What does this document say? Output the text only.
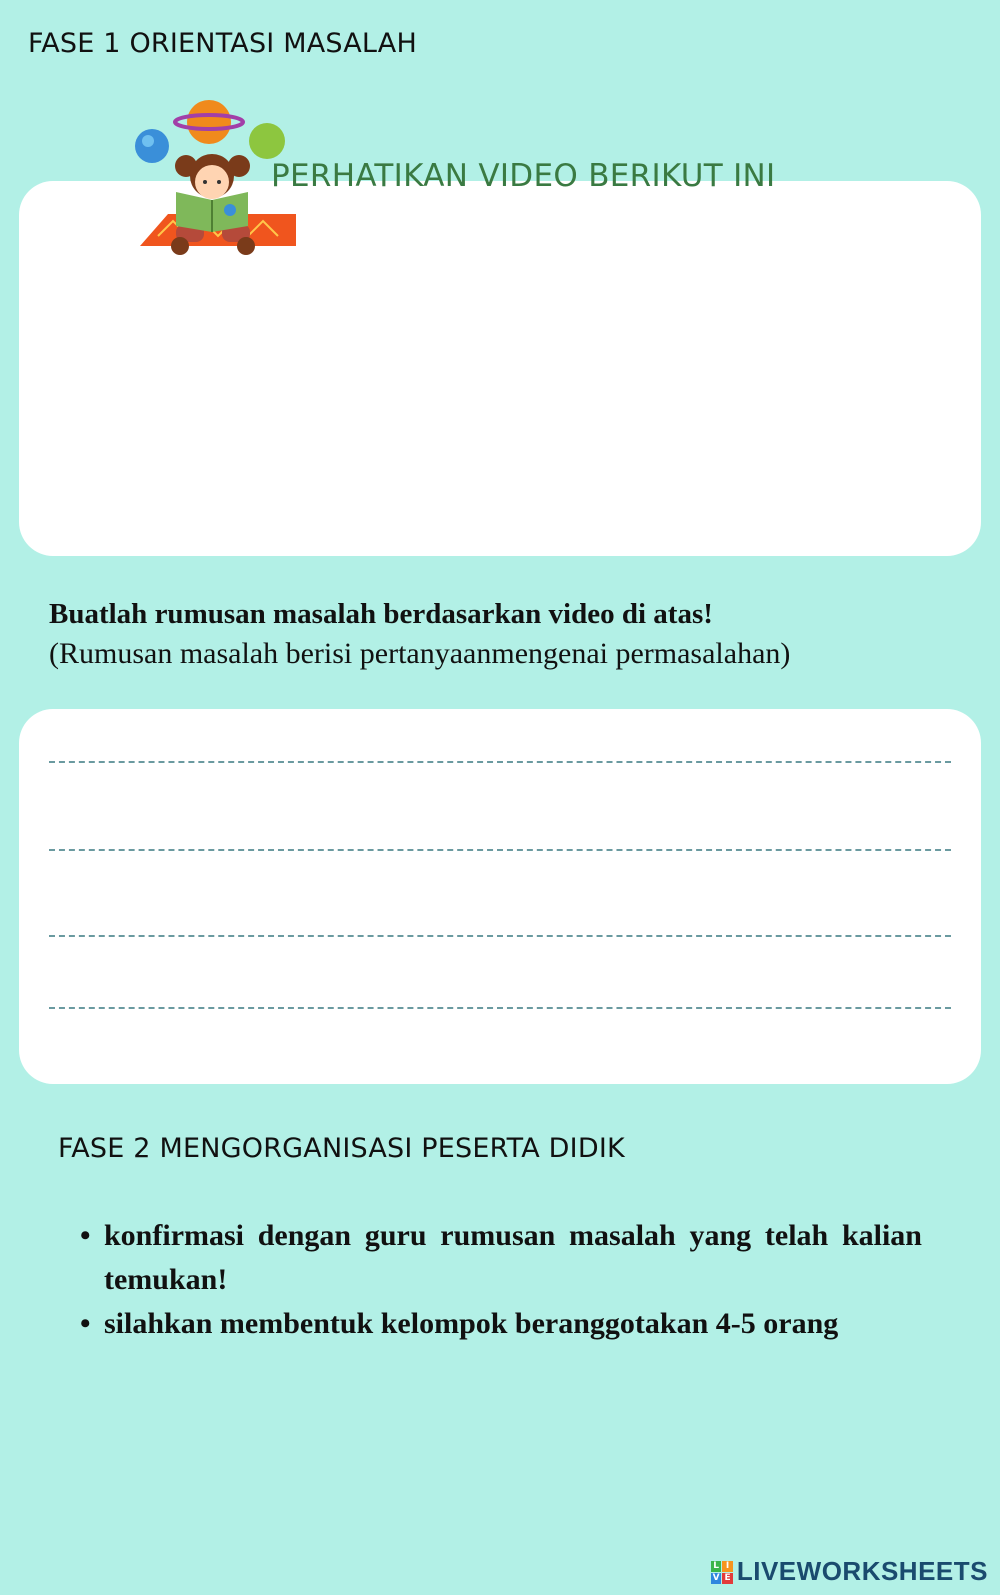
FASE 1 ORIENTASI MASALAH
PERHATIKAN VIDEO BERIKUT INI
Buatlah rumusan masalah berdasarkan video di atas!
(Rumusan masalah berisi pertanyaanmengenai permasalahan)
FASE 2 MENGORGANISASI PESERTA DIDIK
• konfirmasi dengan guru rumusan masalah yang telah kalian temukan!
• silahkan membentuk kelompok beranggotakan 4-5 orang
L I
V E LIVEWORKSHEETS
